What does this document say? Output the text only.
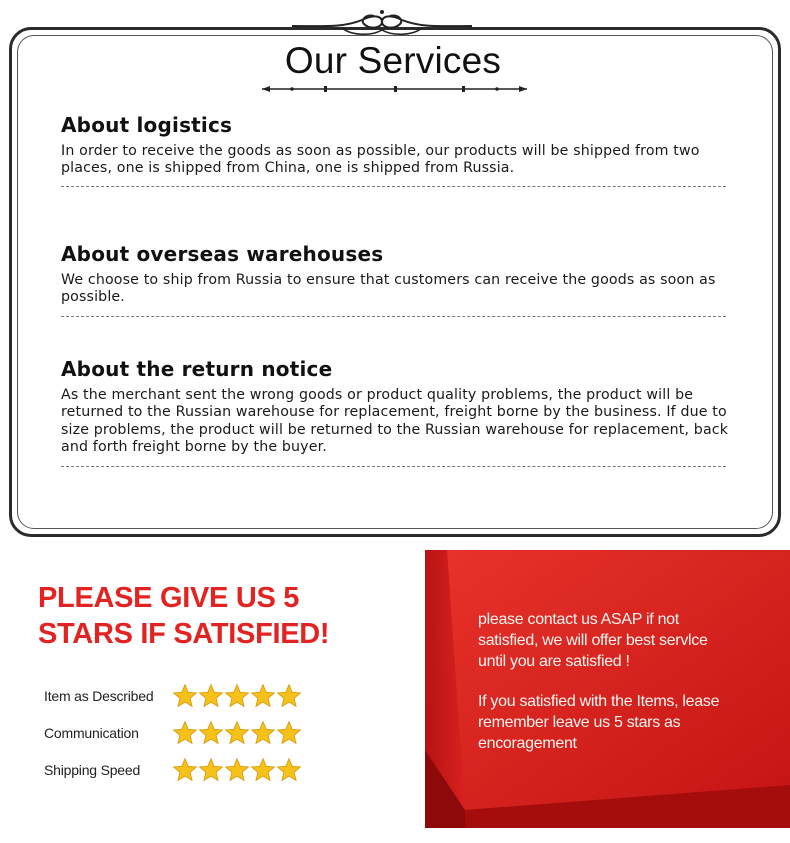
Our Services
About logistics
In order to receive the goods as soon as possible, our products will be shipped from two places, one is shipped from China, one is shipped from Russia.
About overseas warehouses
We choose to ship from Russia to ensure that customers can receive the goods as soon as possible.
About the return notice
As the merchant sent the wrong goods or product quality problems, the product will be returned to the Russian warehouse for replacement, freight borne by the business. If due to size problems, the product will be returned to the Russian warehouse for replacement, back and forth freight borne by the buyer.
PLEASE GIVE US 5
STARS IF SATISFIED!
Item as Described
Communication
Shipping Speed
please contact us ASAP if not
satisfied, we will offer best servlce
until you are satisfied !
If you satisfied with the Items, lease
remember leave us 5 stars as
encoragement
